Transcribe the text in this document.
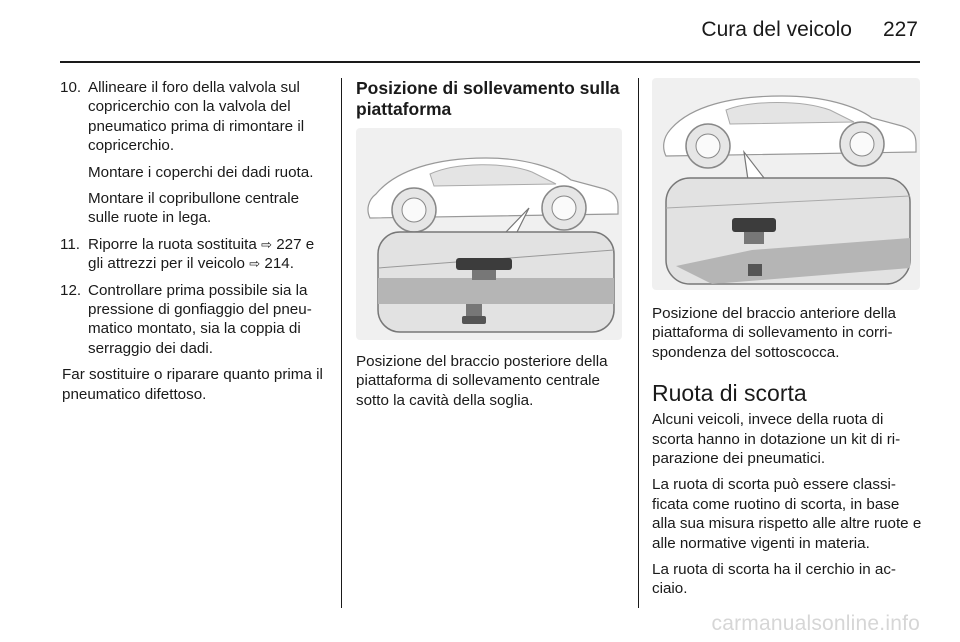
Cura del veicolo 227
10. Allineare il foro della valvola sul copricerchio con la valvola del pneumatico prima di rimontare il copricerchio.

Montare i coperchi dei dadi ruota.

Montare il copribullone centrale sulle ruote in lega.

11. Riporre la ruota sostituita ⇨ 227 e gli attrezzi per il veicolo ⇨ 214.

12. Controllare prima possibile sia la pressione di gonfiaggio del pneumatico montato, sia la coppia di serraggio dei dadi.

Far sostituire o riparare quanto prima il pneumatico difettoso.

Posizione di sollevamento sulla piattaforma

Posizione del braccio posteriore della piattaforma di sollevamento centrale sotto la cavità della soglia.

Posizione del braccio anteriore della piattaforma di sollevamento in corrispondenza del sottoscocca.

Ruota di scorta

Alcuni veicoli, invece della ruota di scorta hanno in dotazione un kit di riparazione dei pneumatici.

La ruota di scorta può essere classificata come ruotino di scorta, in base alla sua misura rispetto alle altre ruote e alle normative vigenti in materia.

La ruota di scorta ha il cerchio in acciaio.

carmanualsonline.info
